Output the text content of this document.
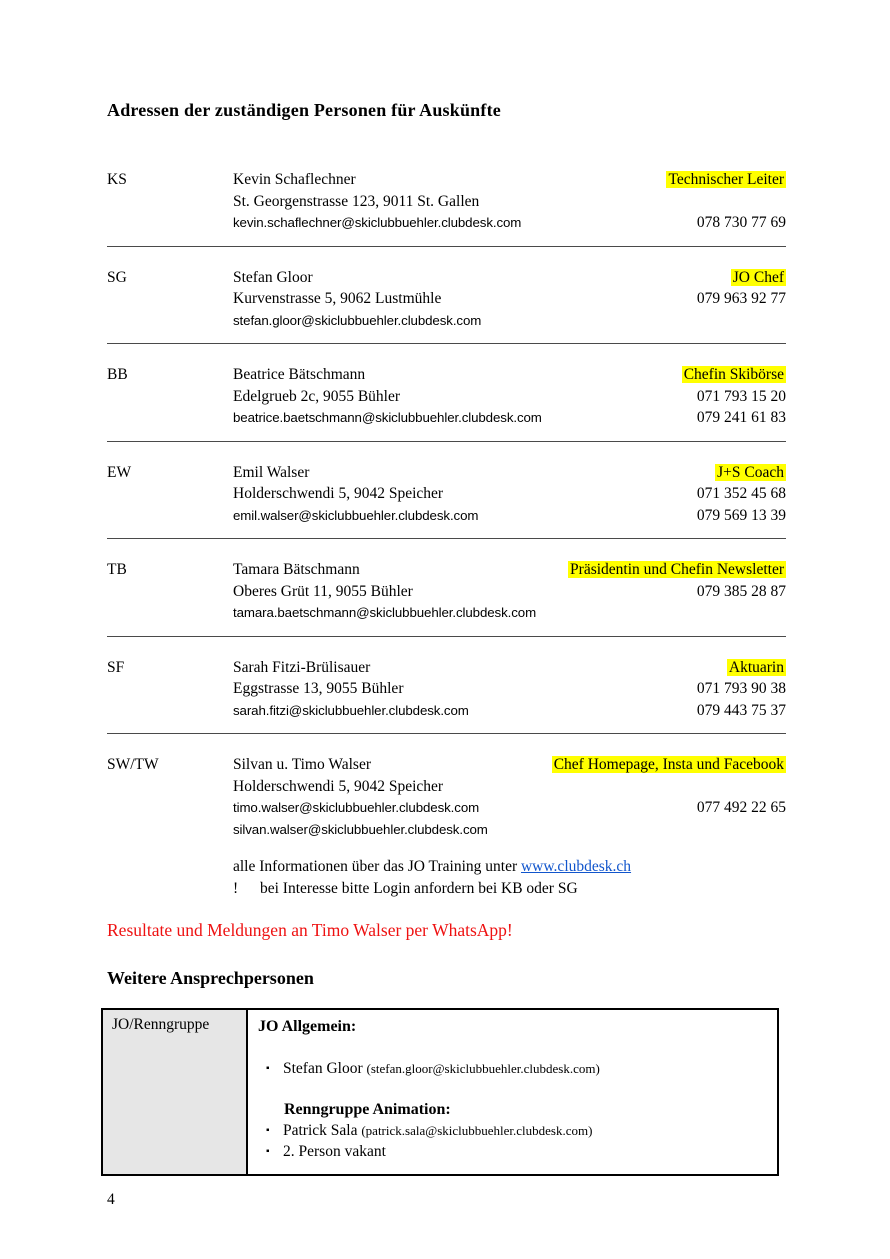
Adressen der zuständigen Personen für Auskünfte
KS	Kevin Schaflechner	Technischer Leiter
St. Georgenstrasse 123, 9011 St. Gallen
kevin.schaflechner@skiclubbuehler.clubdesk.com	078 730 77 69
SG	Stefan Gloor	JO Chef
Kurvenstrasse 5, 9062 Lustmühle	079 963 92 77
stefan.gloor@skiclubbuehler.clubdesk.com
BB	Beatrice Bätschmann	Chefin Skibörse
Edelgrueb 2c, 9055 Bühler	071 793 15 20
beatrice.baetschmann@skiclubbuehler.clubdesk.com	079 241 61 83
EW	Emil Walser	J+S Coach
Holderschwendi 5, 9042 Speicher	071 352 45 68
emil.walser@skiclubbuehler.clubdesk.com	079 569 13 39
TB	Tamara Bätschmann	Präsidentin und Chefin Newsletter
Oberes Grüt 11, 9055 Bühler	079 385 28 87
tamara.baetschmann@skiclubbuehler.clubdesk.com
SF	Sarah Fitzi-Brülisauer	Aktuarin
Eggstrasse 13, 9055 Bühler	071 793 90 38
sarah.fitzi@skiclubbuehler.clubdesk.com	079 443 75 37
SW/TW	Silvan u. Timo Walser	Chef Homepage, Insta und Facebook
Holderschwendi 5, 9042 Speicher
timo.walser@skiclubbuehler.clubdesk.com	077 492 22 65
silvan.walser@skiclubbuehler.clubdesk.com
alle Informationen über das JO Training unter www.clubdesk.ch
! bei Interesse bitte Login anfordern bei KB oder SG
Resultate und Meldungen an Timo Walser per WhatsApp!
Weitere Ansprechpersonen
JO/Renngruppe	JO Allgemein:
▪ Stefan Gloor (stefan.gloor@skiclubbuehler.clubdesk.com)
Renngruppe Animation:
▪ Patrick Sala (patrick.sala@skiclubbuehler.clubdesk.com)
▪ 2. Person vakant
4
